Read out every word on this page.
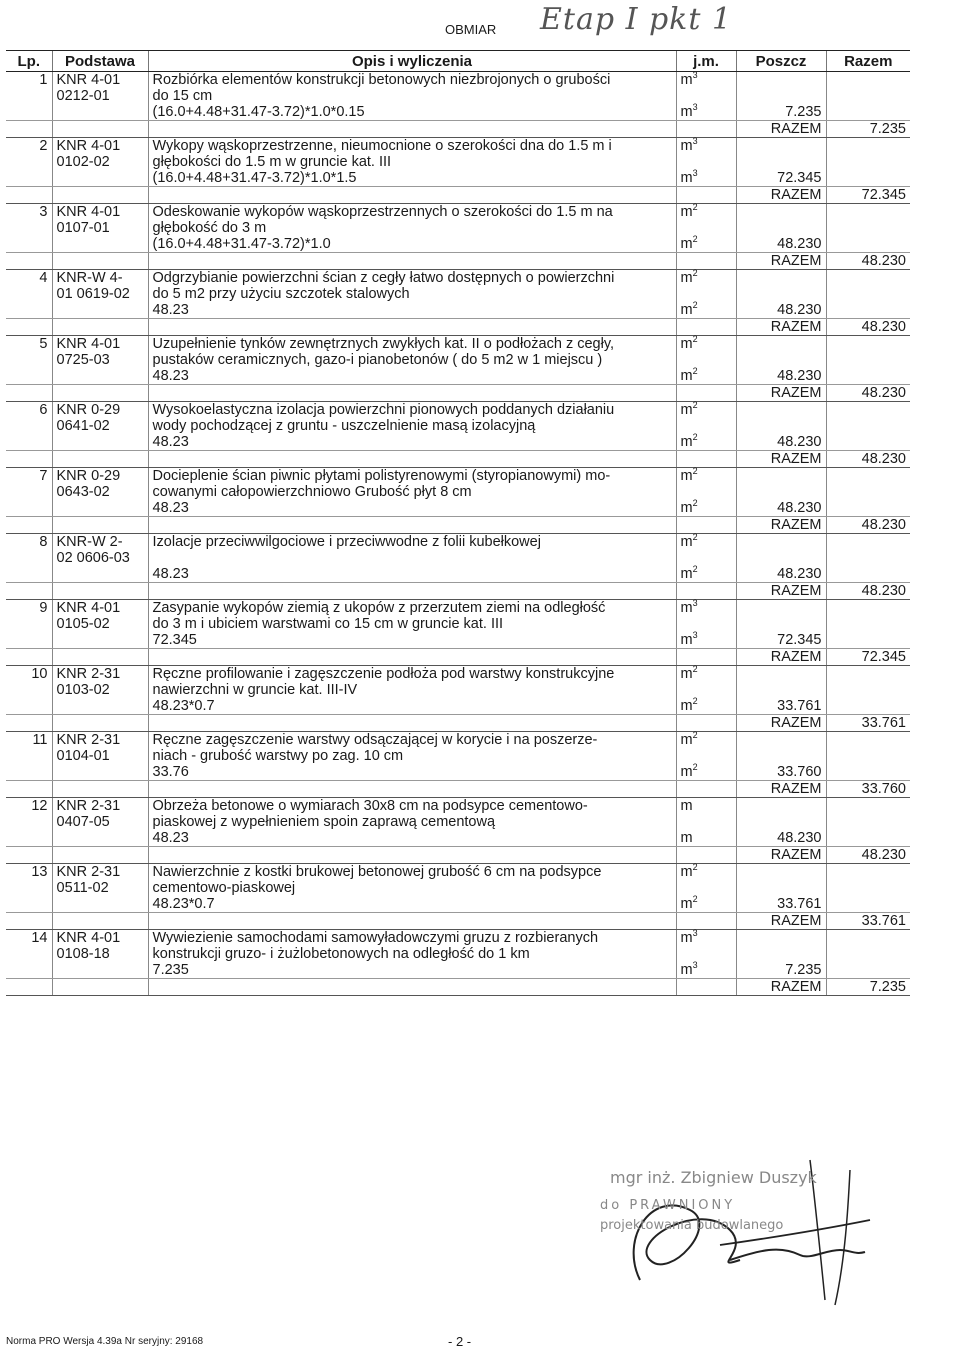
OBMIAR Etap I pkt 1
Lp.	Podstawa	Opis i wyliczenia	j.m.	Poszcz	Razem
1	KNR 4-01	Rozbiórka elementów konstrukcji betonowych niezbrojonych o grubości	$m^3$		
	0212-01	do 15 cm			
		(16.0+4.48+31.47-3.72)*1.0*0.15	$m^3$	7.235	
				RAZEM	7.235
2	KNR 4-01	Wykopy wąskoprzestrzenne, nieumocnione o szerokości dna do 1.5 m i	$m^3$		
	0102-02	głębokości do 1.5 m w gruncie kat. III			
		(16.0+4.48+31.47-3.72)*1.0*1.5	$m^3$	72.345	
				RAZEM	72.345
3	KNR 4-01	Odeskowanie wykopów wąskoprzestrzennych o szerokości do 1.5 m na	$m^2$		
	0107-01	głębokość do 3 m			
		(16.0+4.48+31.47-3.72)*1.0	$m^2$	48.230	
				RAZEM	48.230
4	KNR-W 4-	Odgrzybianie powierzchni ścian z cegły łatwo dostępnych o powierzchni	$m^2$		
	01 0619-02	do 5 m2 przy użyciu szczotek stalowych			
		48.23	$m^2$	48.230	
				RAZEM	48.230
5	KNR 4-01	Uzupełnienie tynków zewnętrznych zwykłych kat. II o podłożach z cegły,	$m^2$		
	0725-03	pustaków ceramicznych, gazo-i pianobetonów ( do 5 m2 w 1 miejscu )			
		48.23	$m^2$	48.230	
				RAZEM	48.230
6	KNR 0-29	Wysokoelastyczna izolacja powierzchni pionowych poddanych działaniu	$m^2$		
	0641-02	wody pochodzącej z gruntu - uszczelnienie masą izolacyjną			
		48.23	$m^2$	48.230	
				RAZEM	48.230
7	KNR 0-29	Docieplenie ścian piwnic płytami polistyrenowymi (styropianowymi) mo-	$m^2$		
	0643-02	cowanymi całopowierzchniowo Grubość płyt 8 cm			
		48.23	$m^2$	48.230	
				RAZEM	48.230
8	KNR-W 2-	Izolacje przeciwwilgociowe i przeciwwodne z folii kubełkowej	$m^2$		
	02 0606-03				
		48.23	$m^2$	48.230	
				RAZEM	48.230
9	KNR 4-01	Zasypanie wykopów ziemią z ukopów z przerzutem ziemi na odległość	$m^3$		
	0105-02	do 3 m i ubiciem warstwami co 15 cm w gruncie kat. III			
		72.345	$m^3$	72.345	
				RAZEM	72.345
10	KNR 2-31	Ręczne profilowanie i zagęszczenie podłoża pod warstwy konstrukcyjne	$m^2$		
	0103-02	nawierzchni w gruncie kat. III-IV			
		48.23*0.7	$m^2$	33.761	
				RAZEM	33.761
11	KNR 2-31	Ręczne zagęszczenie warstwy odsączającej w korycie i na poszerze-	$m^2$		
	0104-01	niach - grubość warstwy po zag. 10 cm			
		33.76	$m^2$	33.760	
				RAZEM	33.760
12	KNR 2-31	Obrzeża betonowe o wymiarach 30x8 cm na podsypce cementowo-	m		
	0407-05	piaskowej z wypełnieniem spoin zaprawą cementową			
		48.23	m	48.230	
				RAZEM	48.230
13	KNR 2-31	Nawierzchnie z kostki brukowej betonowej grubość 6 cm na podsypce	$m^2$		
	0511-02	cementowo-piaskowej			
		48.23*0.7	$m^2$	33.761	
				RAZEM	33.761
14	KNR 4-01	Wywiezienie samochodami samowyładowczymi gruzu z rozbieranych	$m^3$		
	0108-18	konstrukcji gruzo- i żużlobetonowych na odległość do 1 km			
		7.235	$m^3$	7.235	
				RAZEM	7.235
mgr inż. Zbigniew Duszyk
do PRAWNIONY
projektowania budowlanego
Norma PRO Wersja 4.39a Nr seryjny: 29168	- 2 -
